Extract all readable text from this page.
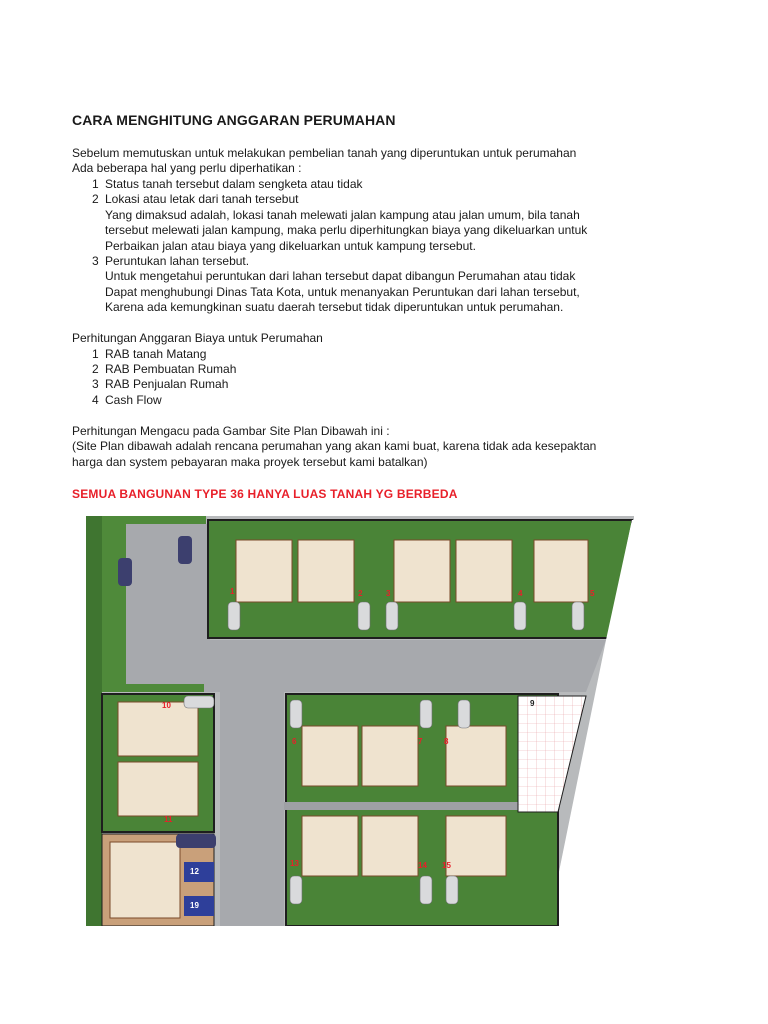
CARA MENGHITUNG ANGGARAN PERUMAHAN
Sebelum memutuskan untuk melakukan pembelian tanah yang diperuntukan untuk perumahan
Ada beberapa hal yang perlu diperhatikan :
1 Status tanah tersebut dalam sengketa atau tidak
2 Lokasi atau letak dari tanah tersebut
Yang dimaksud adalah, lokasi tanah melewati jalan kampung atau jalan umum, bila tanah
tersebut melewati jalan kampung, maka perlu diperhitungkan biaya yang dikeluarkan untuk
Perbaikan jalan atau biaya yang dikeluarkan untuk kampung tersebut.
3 Peruntukan lahan tersebut.
Untuk mengetahui peruntukan dari lahan tersebut dapat dibangun Perumahan atau tidak
Dapat menghubungi Dinas Tata Kota, untuk menanyakan Peruntukan dari lahan tersebut,
Karena ada kemungkinan suatu daerah tersebut tidak diperuntukan untuk perumahan.
Perhitungan Anggaran Biaya untuk Perumahan
1 RAB tanah Matang
2 RAB Pembuatan Rumah
3 RAB Penjualan Rumah
4 Cash Flow
Perhitungan Mengacu pada Gambar Site Plan Dibawah ini :
(Site Plan dibawah adalah rencana perumahan yang akan kami buat, karena tidak ada kesepaktan
harga dan system pebayaran maka proyek tersebut kami batalkan)
SEMUA BANGUNAN TYPE 36 HANYA LUAS TANAH YG BERBEDA
1	2	3	4	5
6	7	8
9
10
11
12
13	14 15
19
